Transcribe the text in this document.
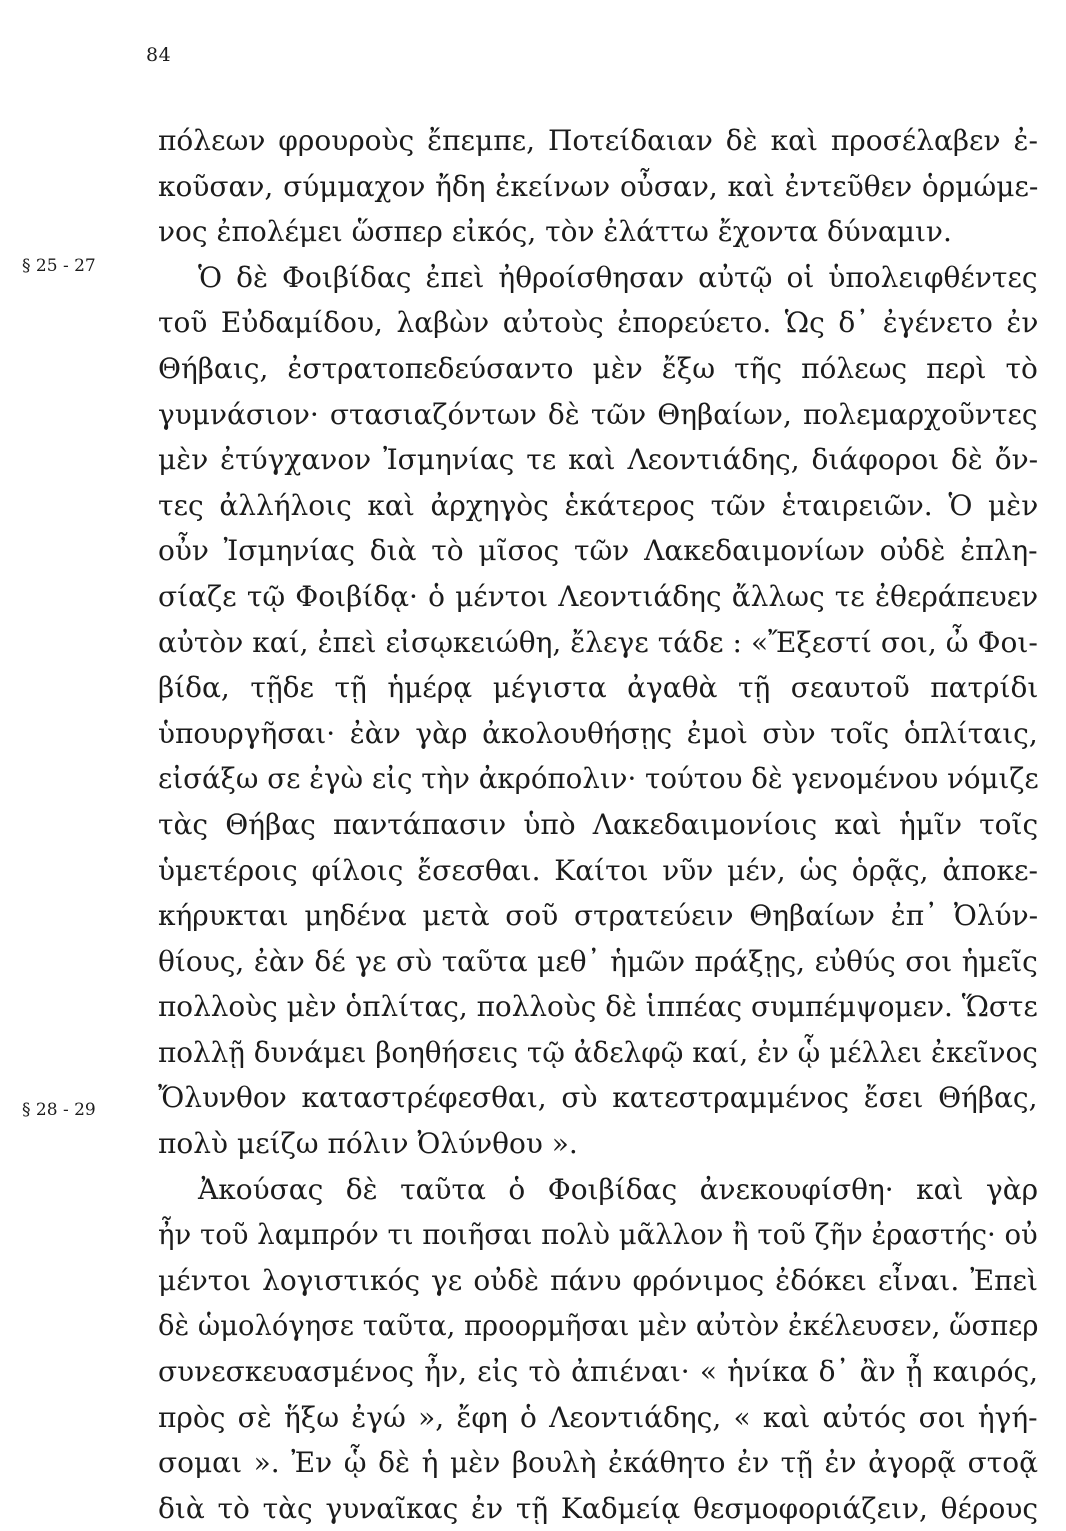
84
§ 25 - 27
§ 28 - 29
πόλεων φρουροὺς ἔπεμπε, Ποτείδαιαν δὲ καὶ προσέλαβεν ἐ-
κοῦσαν, σύμμαχον ἤδη ἐκείνων οὖσαν, καὶ ἐντεῦθεν ὁρμώμε-
νος ἐπολέμει ὥσπερ εἰκός, τὸν ἐλάττω ἔχοντα δύναμιν.
Ὁ δὲ Φοιβίδας ἐπεὶ ἠθροίσθησαν αὐτῷ οἱ ὑπολειφθέντες
τοῦ Εὐδαμίδου, λαβὼν αὐτοὺς ἐπορεύετο. Ὡς δ᾽ ἐγένετο ἐν
Θήβαις, ἐστρατοπεδεύσαντο μὲν ἔξω τῆς πόλεως περὶ τὸ
γυμνάσιον· στασιαζόντων δὲ τῶν Θηβαίων, πολεμαρχοῦντες
μὲν ἐτύγχανον Ἰσμηνίας τε καὶ Λεοντιάδης, διάφοροι δὲ ὄν-
τες ἀλλήλοις καὶ ἀρχηγὸς ἑκάτερος τῶν ἑταιρειῶν. Ὁ μὲν
οὖν Ἰσμηνίας διὰ τὸ μῖσος τῶν Λακεδαιμονίων οὐδὲ ἐπλη-
σίαζε τῷ Φοιβίδᾳ· ὁ μέντοι Λεοντιάδης ἄλλως τε ἐθεράπευεν
αὐτὸν καί, ἐπεὶ εἰσῳκειώθη, ἔλεγε τάδε : «Ἔξεστί σοι, ὦ Φοι-
βίδα, τῇδε τῇ ἡμέρᾳ μέγιστα ἀγαθὰ τῇ σεαυτοῦ πατρίδι
ὑπουργῆσαι· ἐὰν γὰρ ἀκολουθήσῃς ἐμοὶ σὺν τοῖς ὁπλίταις,
εἰσάξω σε ἐγὼ εἰς τὴν ἀκρόπολιν· τούτου δὲ γενομένου νόμιζε
τὰς Θήβας παντάπασιν ὑπὸ Λακεδαιμονίοις καὶ ἡμῖν τοῖς
ὑμετέροις φίλοις ἔσεσθαι. Καίτοι νῦν μέν, ὡς ὁρᾷς, ἀποκε-
κήρυκται μηδένα μετὰ σοῦ στρατεύειν Θηβαίων ἐπ᾽ Ὀλύν-
θίους, ἐὰν δέ γε σὺ ταῦτα μεθ᾽ ἡμῶν πράξῃς, εὐθύς σοι ἡμεῖς
πολλοὺς μὲν ὁπλίτας, πολλοὺς δὲ ἱππέας συμπέμψομεν. Ὥστε
πολλῇ δυνάμει βοηθήσεις τῷ ἀδελφῷ καί, ἐν ᾧ μέλλει ἐκεῖνος
Ὄλυνθον καταστρέφεσθαι, σὺ κατεστραμμένος ἔσει Θήβας,
πολὺ μείζω πόλιν Ὀλύνθου ».
Ἀκούσας δὲ ταῦτα ὁ Φοιβίδας ἀνεκουφίσθη· καὶ γὰρ
ἦν τοῦ λαμπρόν τι ποιῆσαι πολὺ μᾶλλον ἢ τοῦ ζῆν ἐραστής· οὐ
μέντοι λογιστικός γε οὐδὲ πάνυ φρόνιμος ἐδόκει εἶναι. Ἐπεὶ
δὲ ὡμολόγησε ταῦτα, προορμῆσαι μὲν αὐτὸν ἐκέλευσεν, ὥσπερ
συνεσκευασμένος ἦν, εἰς τὸ ἀπιέναι· « ἡνίκα δ᾽ ἂν ᾖ καιρός,
πρὸς σὲ ἥξω ἐγώ », ἔφη ὁ Λεοντιάδης, « καὶ αὐτός σοι ἡγή-
σομαι ». Ἐν ᾧ δὲ ἡ μὲν βουλὴ ἐκάθητο ἐν τῇ ἐν ἀγορᾷ στοᾷ
διὰ τὸ τὰς γυναῖκας ἐν τῇ Καδμείᾳ θεσμοφοριάζειν, θέρους
